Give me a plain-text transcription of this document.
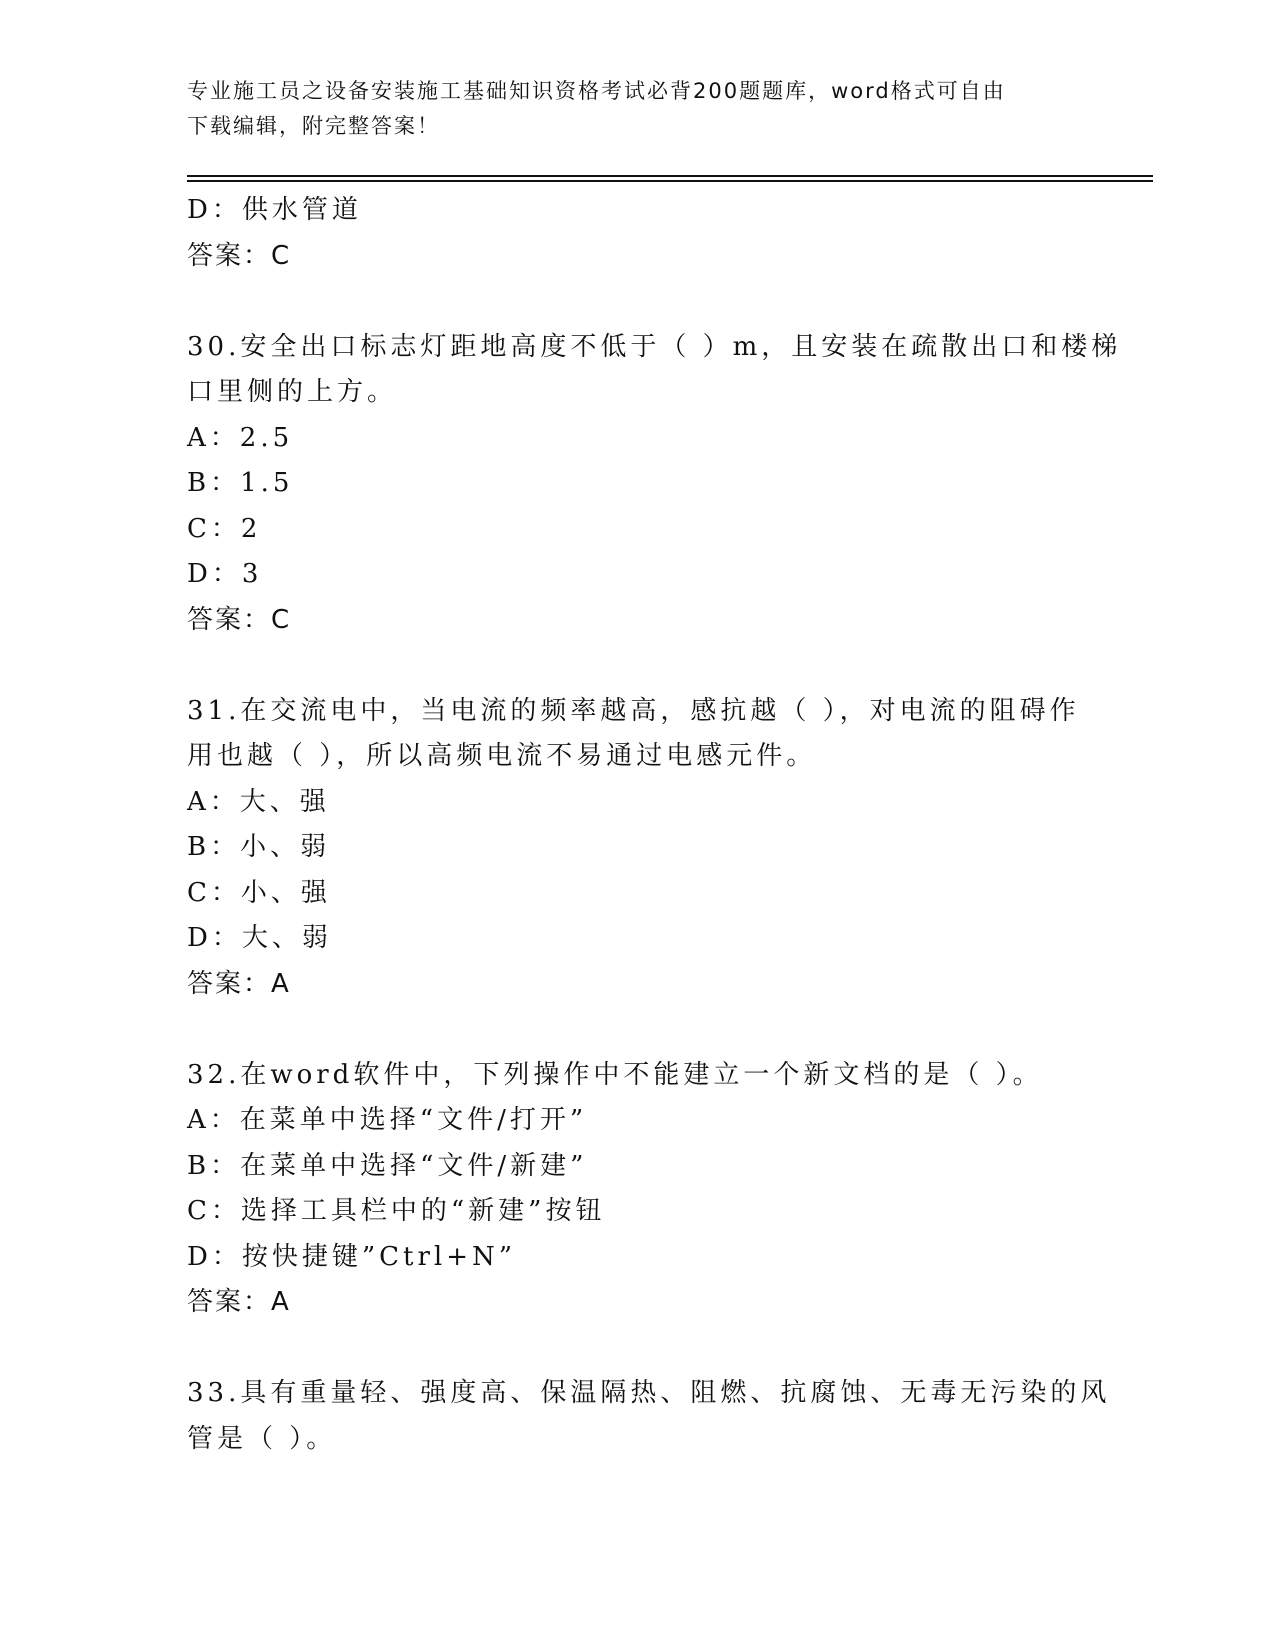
专业施工员之设备安装施工基础知识资格考试必背200题题库，word格式可自由
下载编辑，附完整答案！
D：供水管道
答案：C
30.安全出口标志灯距地高度不低于（ ）m，且安装在疏散出口和楼梯
口里侧的上方。
A：2.5
B：1.5
C：2
D：3
答案：C
31.在交流电中，当电流的频率越高，感抗越（ ），对电流的阻碍作
用也越（ ），所以高频电流不易通过电感元件。
A：大、强
B：小、弱
C：小、强
D：大、弱
答案：A
32.在word软件中，下列操作中不能建立一个新文档的是（ ）。
A：在菜单中选择“文件/打开”
B：在菜单中选择“文件/新建”
C：选择工具栏中的“新建”按钮
D：按快捷键”Ctrl+N”
答案：A
33.具有重量轻、强度高、保温隔热、阻燃、抗腐蚀、无毒无污染的风
管是（ ）。
